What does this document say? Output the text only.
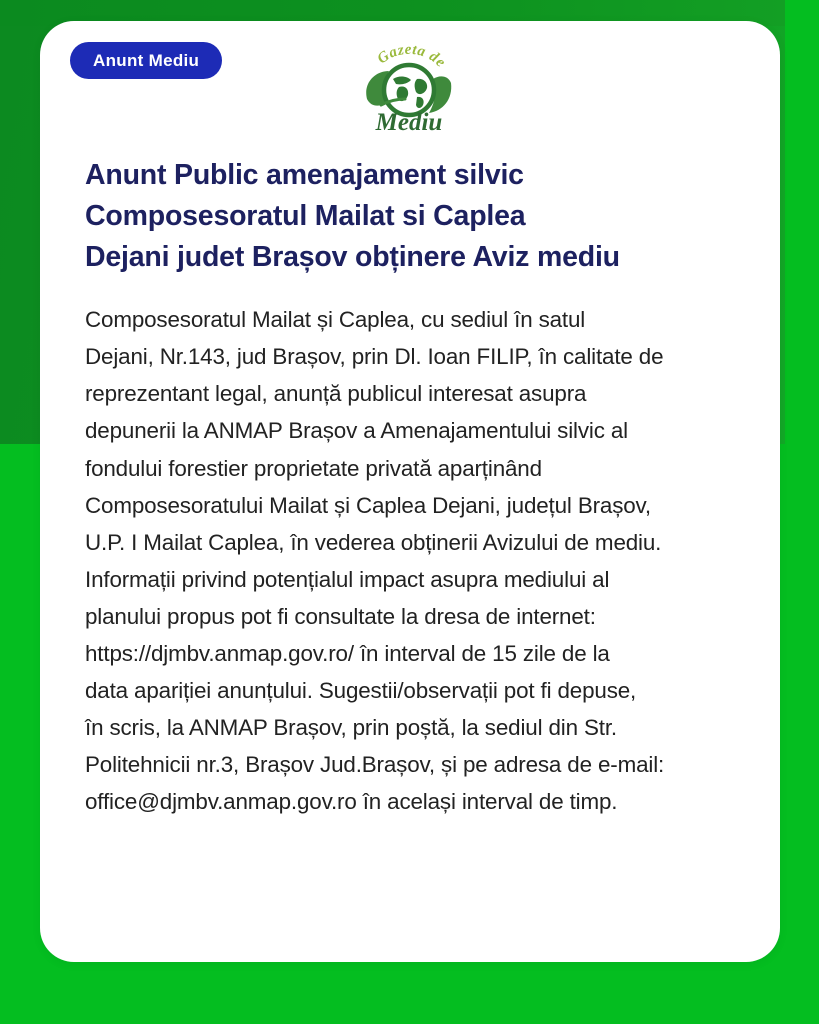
Anunt Mediu	Gazeta de
Mediu
Anunt Public amenajament silvic
Composesoratul Mailat si Caplea
Dejani judet Brașov obținere Aviz mediu
Composesoratul Mailat și Caplea, cu sediul în satul
Dejani, Nr.143, jud Brașov, prin Dl. Ioan FILIP, în calitate de
reprezentant legal, anunță publicul interesat asupra
depunerii la ANMAP Brașov a Amenajamentului silvic al
fondului forestier proprietate privată aparținând
Composesoratului Mailat și Caplea Dejani, județul Brașov,
U.P. I Mailat Caplea, în vederea obținerii Avizului de mediu.
Informații privind potențialul impact asupra mediului al
planului propus pot fi consultate la dresa de internet:
https://djmbv.anmap.gov.ro/ în interval de 15 zile de la
data apariției anunțului. Sugestii/observații pot fi depuse,
în scris, la ANMAP Brașov, prin poștă, la sediul din Str.
Politehnicii nr.3, Brașov Jud.Brașov, și pe adresa de e-mail:
office@djmbv.anmap.gov.ro în același interval de timp.
